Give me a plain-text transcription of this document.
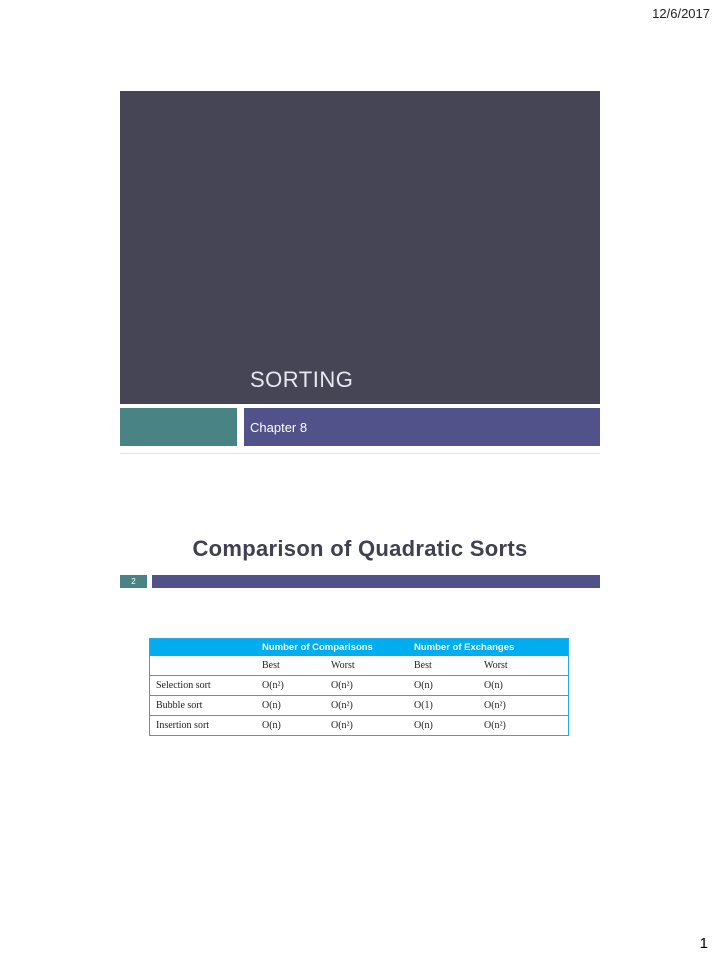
12/6/2017
SORTING
Chapter 8
Comparison of Quadratic Sorts
2
Number of Comparisons	Number of Exchanges
Best	Worst	Best	Worst
Selection sort	O(n²)	O(n²)	O(n)	O(n)
Bubble sort	O(n)	O(n²)	O(1)	O(n²)
Insertion sort	O(n)	O(n²)	O(n)	O(n²)
1
